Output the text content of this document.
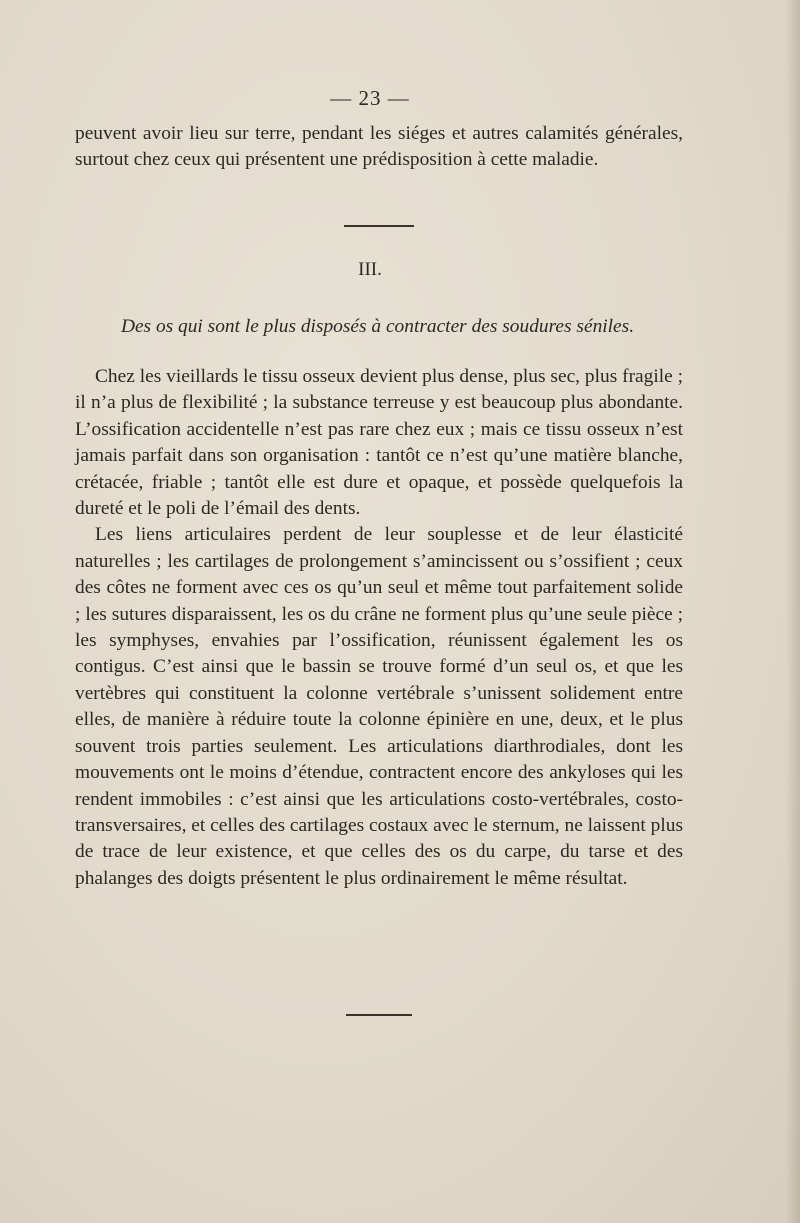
— 23 —

peuvent avoir lieu sur terre, pendant les siéges et autres calamités générales, surtout chez ceux qui présentent une prédisposition à cette maladie.

III.
Des os qui sont le plus disposés à contracter des soudures séniles.

Chez les vieillards le tissu osseux devient plus dense, plus sec, plus fragile ; il n’a plus de flexibilité ; la substance terreuse y est beaucoup plus abondante. L’ossification accidentelle n’est pas rare chez eux ; mais ce tissu osseux n’est jamais parfait dans son organisation : tantôt ce n’est qu’une matière blanche, crétacée, friable ; tantôt elle est dure et opaque, et possède quelquefois la dureté et le poli de l’émail des dents.

Les liens articulaires perdent de leur souplesse et de leur élasticité naturelles ; les cartilages de prolongement s’amincissent ou s’ossifient ; ceux des côtes ne forment avec ces os qu’un seul et même tout parfaitement solide ; les sutures disparaissent, les os du crâne ne forment plus qu’une seule pièce ; les symphyses, envahies par l’ossification, réunissent également les os contigus. C’est ainsi que le bassin se trouve formé d’un seul os, et que les vertèbres qui constituent la colonne vertébrale s’unissent solidement entre elles, de manière à réduire toute la colonne épinière en une, deux, et le plus souvent trois parties seulement. Les articulations diarthrodiales, dont les mouvements ont le moins d’étendue, contractent encore des ankyloses qui les rendent immobiles : c’est ainsi que les articulations costo-vertébrales, costo-transversaires, et celles des cartilages costaux avec le sternum, ne laissent plus de trace de leur existence, et que celles des os du carpe, du tarse et des phalanges des doigts présentent le plus ordinairement le même résultat.
